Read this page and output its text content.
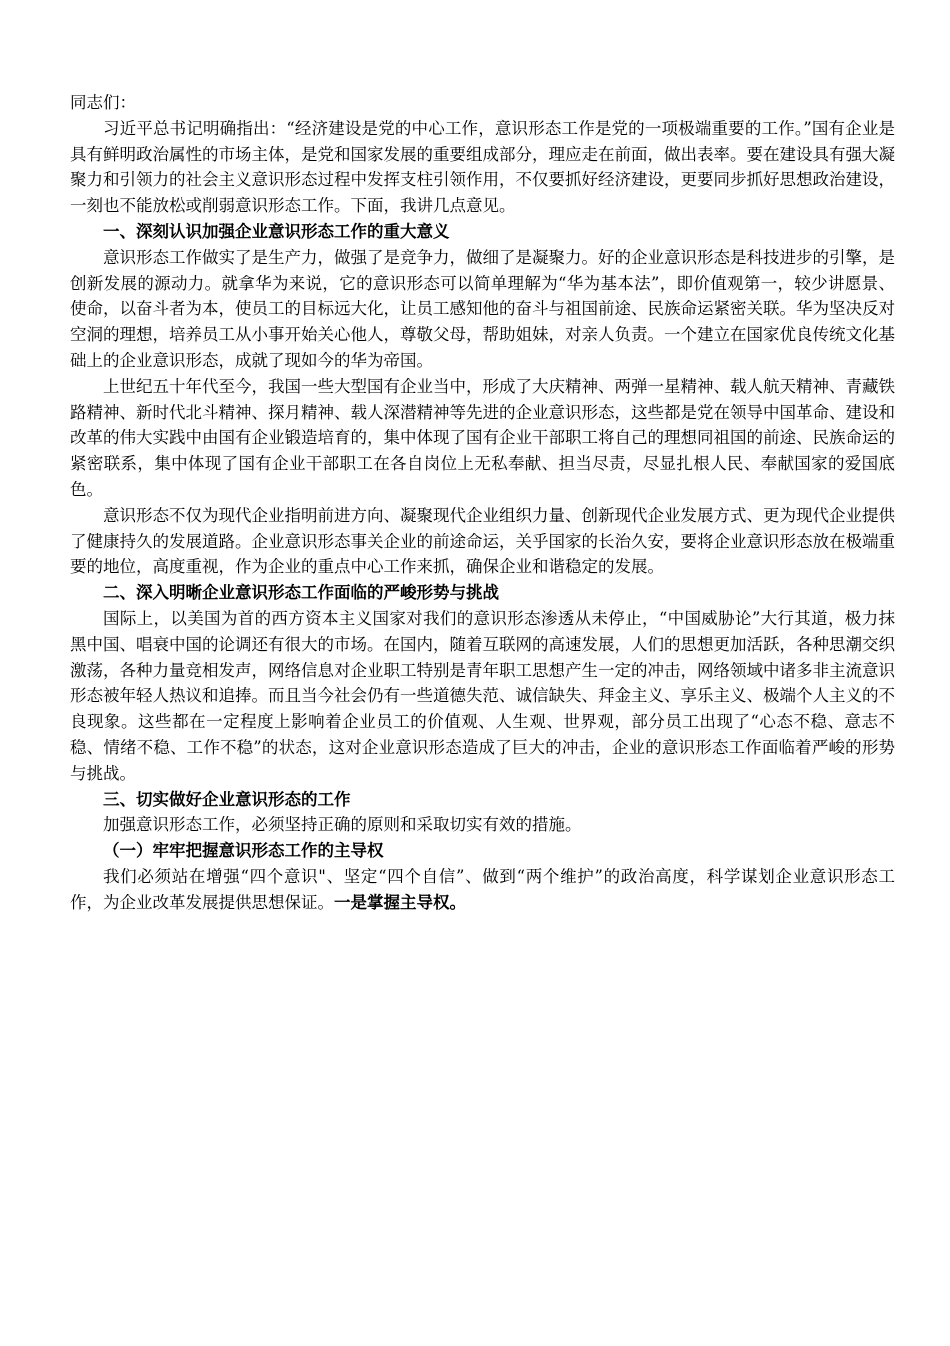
同志们：

习近平总书记明确指出：“经济建设是党的中心工作，意识形态工作是党的一项极端重要的工作。”国有企业是具有鲜明政治属性的市场主体，是党和国家发展的重要组成部分，理应走在前面，做出表率。要在建设具有强大凝聚力和引领力的社会主义意识形态过程中发挥支柱引领作用，不仅要抓好经济建设，更要同步抓好思想政治建设，一刻也不能放松或削弱意识形态工作。下面，我讲几点意见。

一、深刻认识加强企业意识形态工作的重大意义

意识形态工作做实了是生产力，做强了是竞争力，做细了是凝聚力。好的企业意识形态是科技进步的引擎，是创新发展的源动力。就拿华为来说，它的意识形态可以简单理解为“华为基本法”，即价值观第一，较少讲愿景、使命，以奋斗者为本，使员工的目标远大化，让员工感知他的奋斗与祖国前途、民族命运紧密关联。华为坚决反对空洞的理想，培养员工从小事开始关心他人，尊敬父母，帮助姐妹，对亲人负责。一个建立在国家优良传统文化基础上的企业意识形态，成就了现如今的华为帝国。

上世纪五十年代至今，我国一些大型国有企业当中，形成了大庆精神、两弹一星精神、载人航天精神、青藏铁路精神、新时代北斗精神、探月精神、载人深潜精神等先进的企业意识形态，这些都是党在领导中国革命、建设和改革的伟大实践中由国有企业锻造培育的，集中体现了国有企业干部职工将自己的理想同祖国的前途、民族命运的紧密联系，集中体现了国有企业干部职工在各自岗位上无私奉献、担当尽责，尽显扎根人民、奉献国家的爱国底色。

意识形态不仅为现代企业指明前进方向、凝聚现代企业组织力量、创新现代企业发展方式、更为现代企业提供了健康持久的发展道路。企业意识形态事关企业的前途命运，关乎国家的长治久安，要将企业意识形态放在极端重要的地位，高度重视，作为企业的重点中心工作来抓，确保企业和谐稳定的发展。

二、深入明晰企业意识形态工作面临的严峻形势与挑战

国际上，以美国为首的西方资本主义国家对我们的意识形态渗透从未停止，“中国威胁论”大行其道，极力抹黑中国、唱衰中国的论调还有很大的市场。在国内，随着互联网的高速发展，人们的思想更加活跃，各种思潮交织激荡，各种力量竞相发声，网络信息对企业职工特别是青年职工思想产生一定的冲击，网络领域中诸多非主流意识形态被年轻人热议和追捧。而且当今社会仍有一些道德失范、诚信缺失、拜金主义、享乐主义、极端个人主义的不良现象。这些都在一定程度上影响着企业员工的价值观、人生观、世界观，部分员工出现了“心态不稳、意志不稳、情绪不稳、工作不稳”的状态，这对企业意识形态造成了巨大的冲击，企业的意识形态工作面临着严峻的形势与挑战。

三、切实做好企业意识形态的工作

加强意识形态工作，必须坚持正确的原则和采取切实有效的措施。

（一）牢牢把握意识形态工作的主导权

我们必须站在增强“四个意识"、坚定“四个自信”、做到“两个维护”的政治高度，科学谋划企业意识形态工作，为企业改革发展提供思想保证。一是掌握主导权。
